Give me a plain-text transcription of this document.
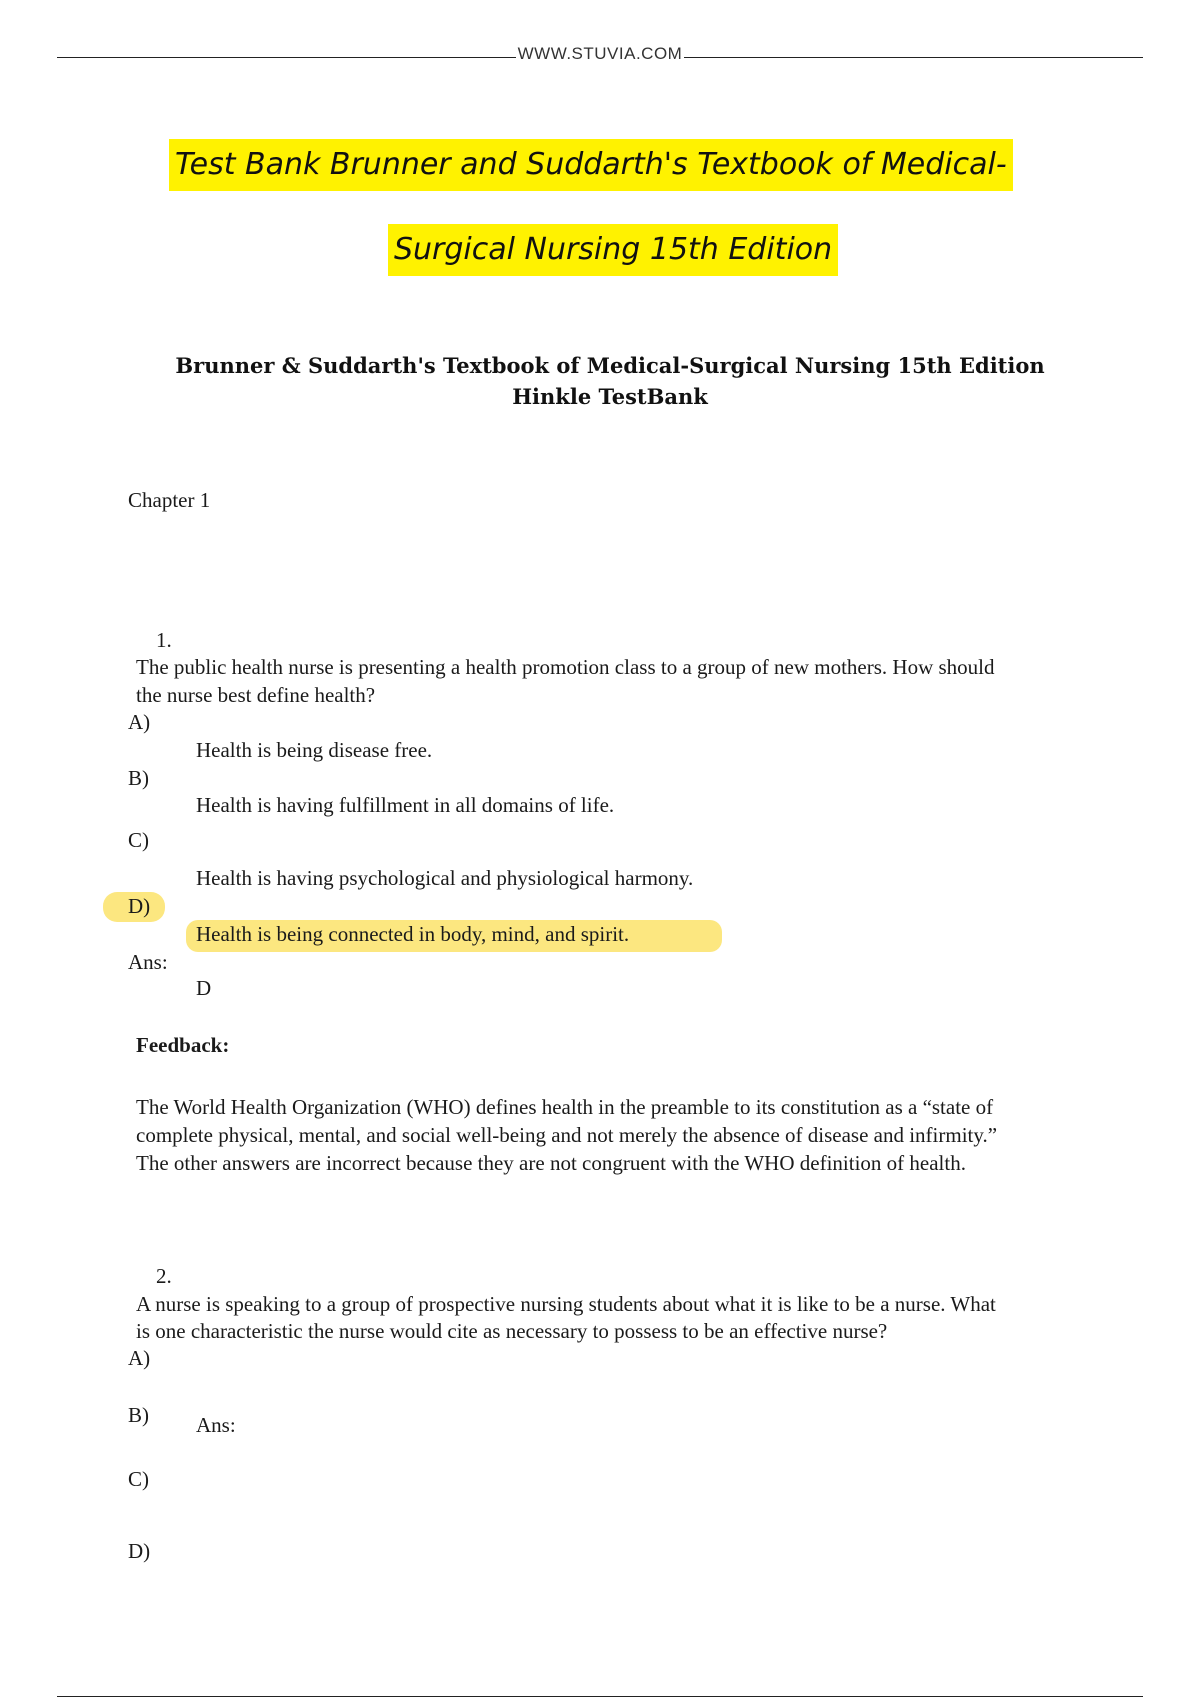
WWW.STUVIA.COM
Test Bank Brunner and Suddarth's Textbook of Medical-
Surgical Nursing 15th Edition
Brunner & Suddarth's Textbook of Medical-Surgical Nursing 15th Edition
Hinkle TestBank
Chapter 1
1.
The public health nurse is presenting a health promotion class to a group of new mothers. How should
the nurse best define health?
A)
Health is being disease free.
B)
Health is having fulfillment in all domains of life.
C)
Health is having psychological and physiological harmony.
D)
Health is being connected in body, mind, and spirit.
Ans:
D
Feedback:
The World Health Organization (WHO) defines health in the preamble to its constitution as a “state of
complete physical, mental, and social well-being and not merely the absence of disease and infirmity.”
The other answers are incorrect because they are not congruent with the WHO definition of health.
2.
A nurse is speaking to a group of prospective nursing students about what it is like to be a nurse. What
is one characteristic the nurse would cite as necessary to possess to be an effective nurse?
A)
B) Ans:
C)
D)
